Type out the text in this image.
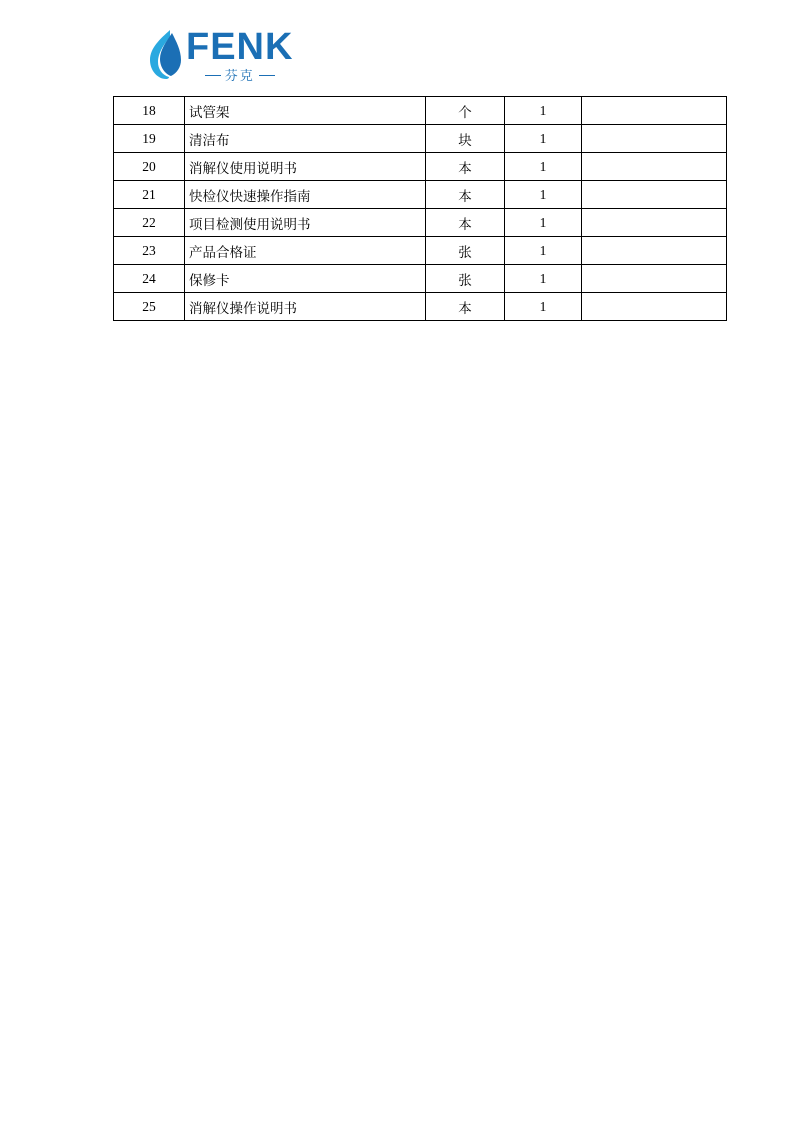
FENK
芬克
18	试管架	个	1	
19	清洁布	块	1	
20	消解仪使用说明书	本	1	
21	快检仪快速操作指南	本	1	
22	项目检测使用说明书	本	1	
23	产品合格证	张	1	
24	保修卡	张	1	
25	消解仪操作说明书	本	1	
